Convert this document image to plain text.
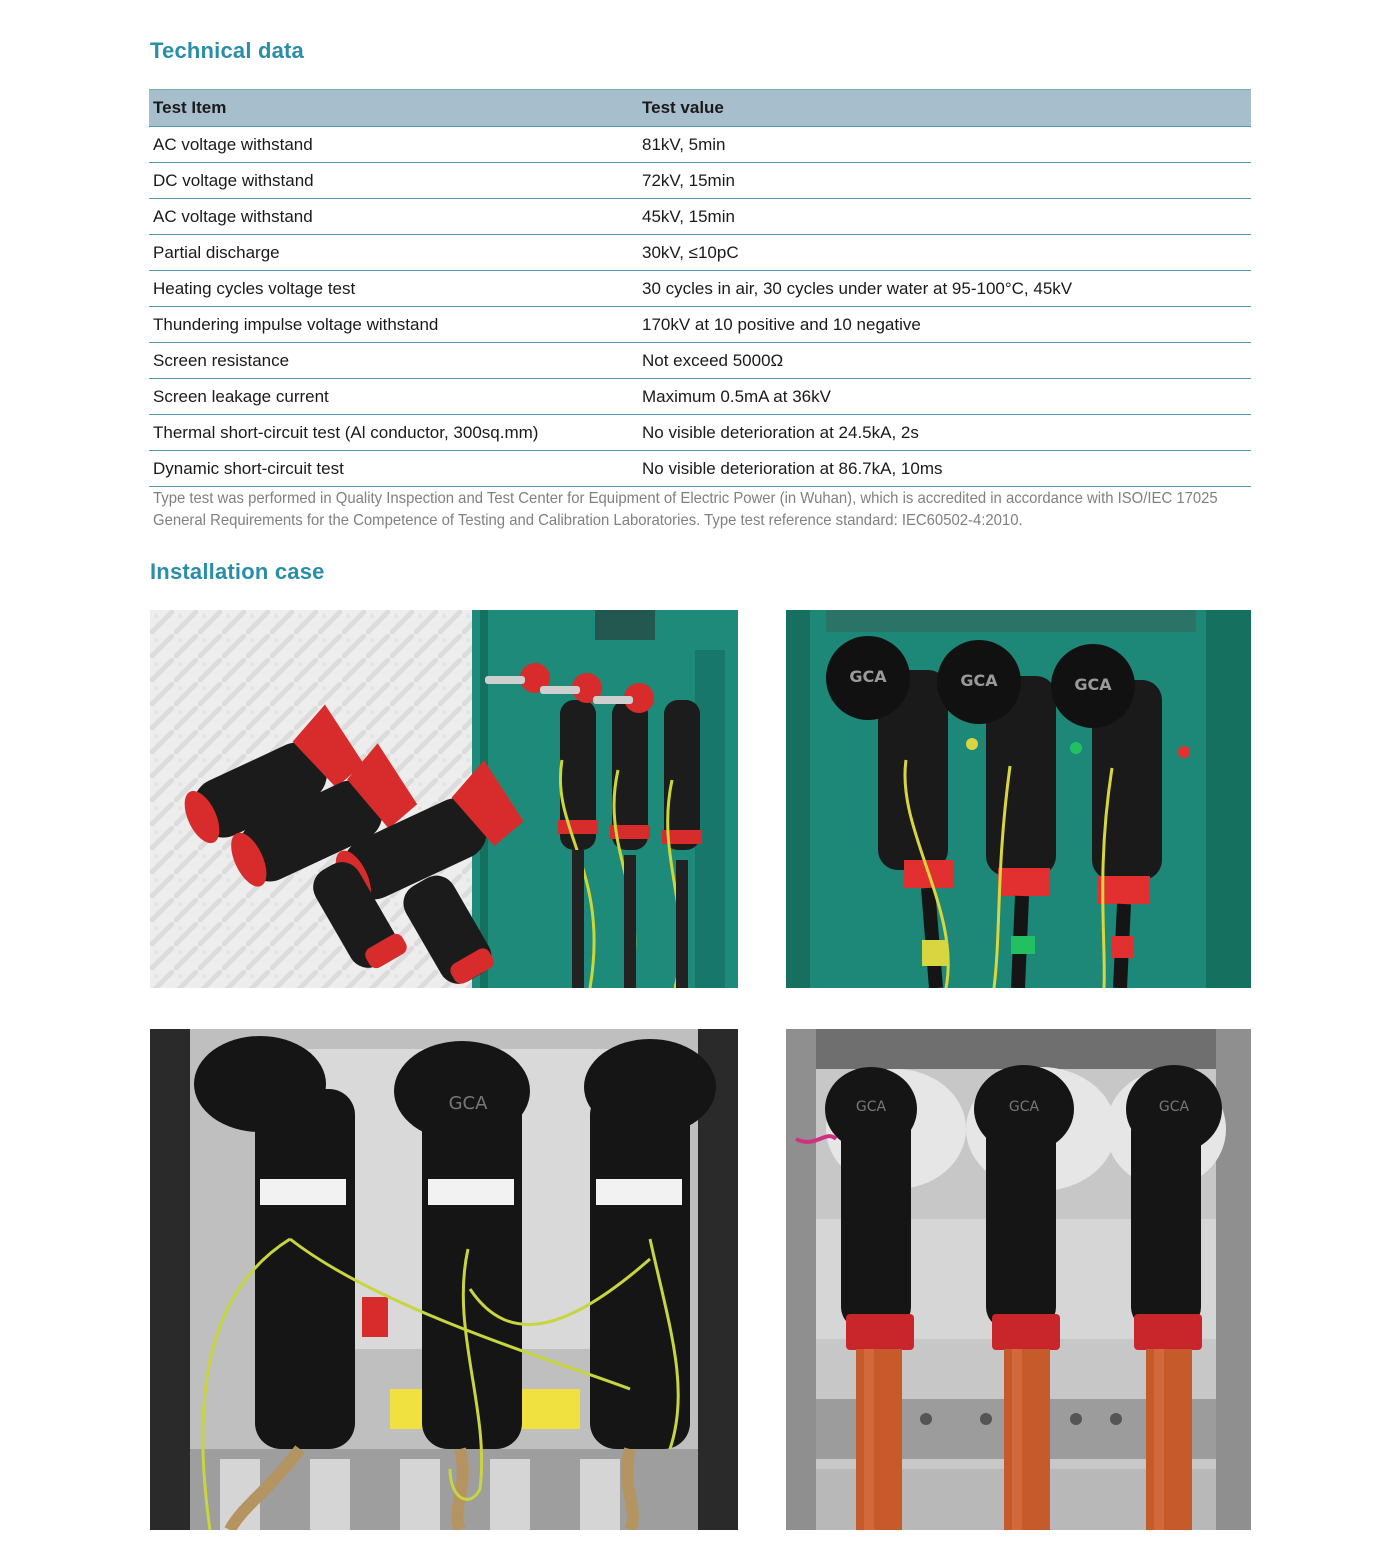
Technical data
Test Item	Test value
AC voltage withstand	81kV, 5min
DC voltage withstand	72kV, 15min
AC voltage withstand	45kV, 15min
Partial discharge	30kV, ≤10pC
Heating cycles voltage test	30 cycles in air, 30 cycles under water at 95-100°C, 45kV
Thundering impulse voltage withstand	170kV at 10 positive and 10 negative
Screen resistance	Not exceed 5000Ω
Screen leakage current	Maximum 0.5mA at 36kV
Thermal short-circuit test (Al conductor, 300sq.mm)	No visible deterioration at 24.5kA, 2s
Dynamic short-circuit test	No visible deterioration at 86.7kA, 10ms

Type test was performed in Quality Inspection and Test Center for Equipment of Electric Power (in Wuhan), which is accredited in accordance with ISO/IEC 17025 General Requirements for the Competence of Testing and Calibration Laboratories. Type test reference standard: IEC60502-4:2010.

Installation case
GCA	GCA	GCA
GCA	GCA	GCA	GCA
